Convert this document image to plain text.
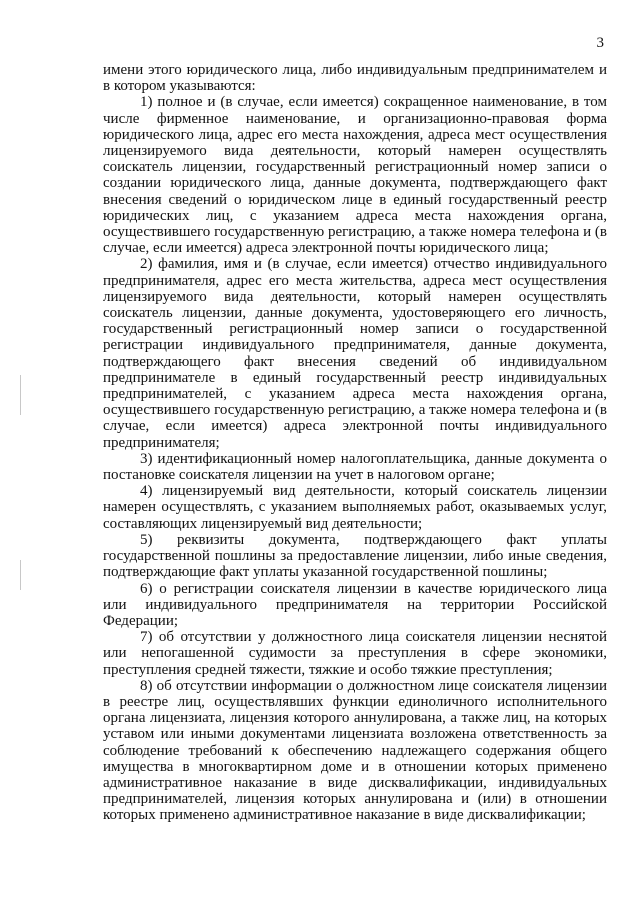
3

имени этого юридического лица, либо индивидуальным предпринимателем и в котором указываются:

1) полное и (в случае, если имеется) сокращенное наименование, в том числе фирменное наименование, и организационно-правовая форма юридического лица, адрес его места нахождения, адреса мест осуществления лицензируемого вида деятельности, который намерен осуществлять соискатель лицензии, государственный регистрационный номер записи о создании юридического лица, данные документа, подтверждающего факт внесения сведений о юридическом лице в единый государственный реестр юридических лиц, с указанием адреса места нахождения органа, осуществившего государственную регистрацию, а также номера телефона и (в случае, если имеется) адреса электронной почты юридического лица;

2) фамилия, имя и (в случае, если имеется) отчество индивидуального предпринимателя, адрес его места жительства, адреса мест осуществления лицензируемого вида деятельности, который намерен осуществлять соискатель лицензии, данные документа, удостоверяющего его личность, государственный регистрационный номер записи о государственной регистрации индивидуального предпринимателя, данные документа, подтверждающего факт внесения сведений об индивидуальном предпринимателе в единый государственный реестр индивидуальных предпринимателей, с указанием адреса места нахождения органа, осуществившего государственную регистрацию, а также номера телефона и (в случае, если имеется) адреса электронной почты индивидуального предпринимателя;

3) идентификационный номер налогоплательщика, данные документа о постановке соискателя лицензии на учет в налоговом органе;

4) лицензируемый вид деятельности, который соискатель лицензии намерен осуществлять, с указанием выполняемых работ, оказываемых услуг, составляющих лицензируемый вид деятельности;

5) реквизиты документа, подтверждающего факт уплаты государственной пошлины за предоставление лицензии, либо иные сведения, подтверждающие факт уплаты указанной государственной пошлины;

6) о регистрации соискателя лицензии в качестве юридического лица или индивидуального предпринимателя на территории Российской Федерации;

7) об отсутствии у должностного лица соискателя лицензии неснятой или непогашенной судимости за преступления в сфере экономики, преступления средней тяжести, тяжкие и особо тяжкие преступления;

8) об отсутствии информации о должностном лице соискателя лицензии в реестре лиц, осуществлявших функции единоличного исполнительного органа лицензиата, лицензия которого аннулирована, а также лиц, на которых уставом или иными документами лицензиата возложена ответственность за соблюдение требований к обеспечению надлежащего содержания общего имущества в многоквартирном доме и в отношении которых применено административное наказание в виде дисквалификации, индивидуальных предпринимателей, лицензия которых аннулирована и (или) в отношении которых применено административное наказание в виде дисквалификации;
